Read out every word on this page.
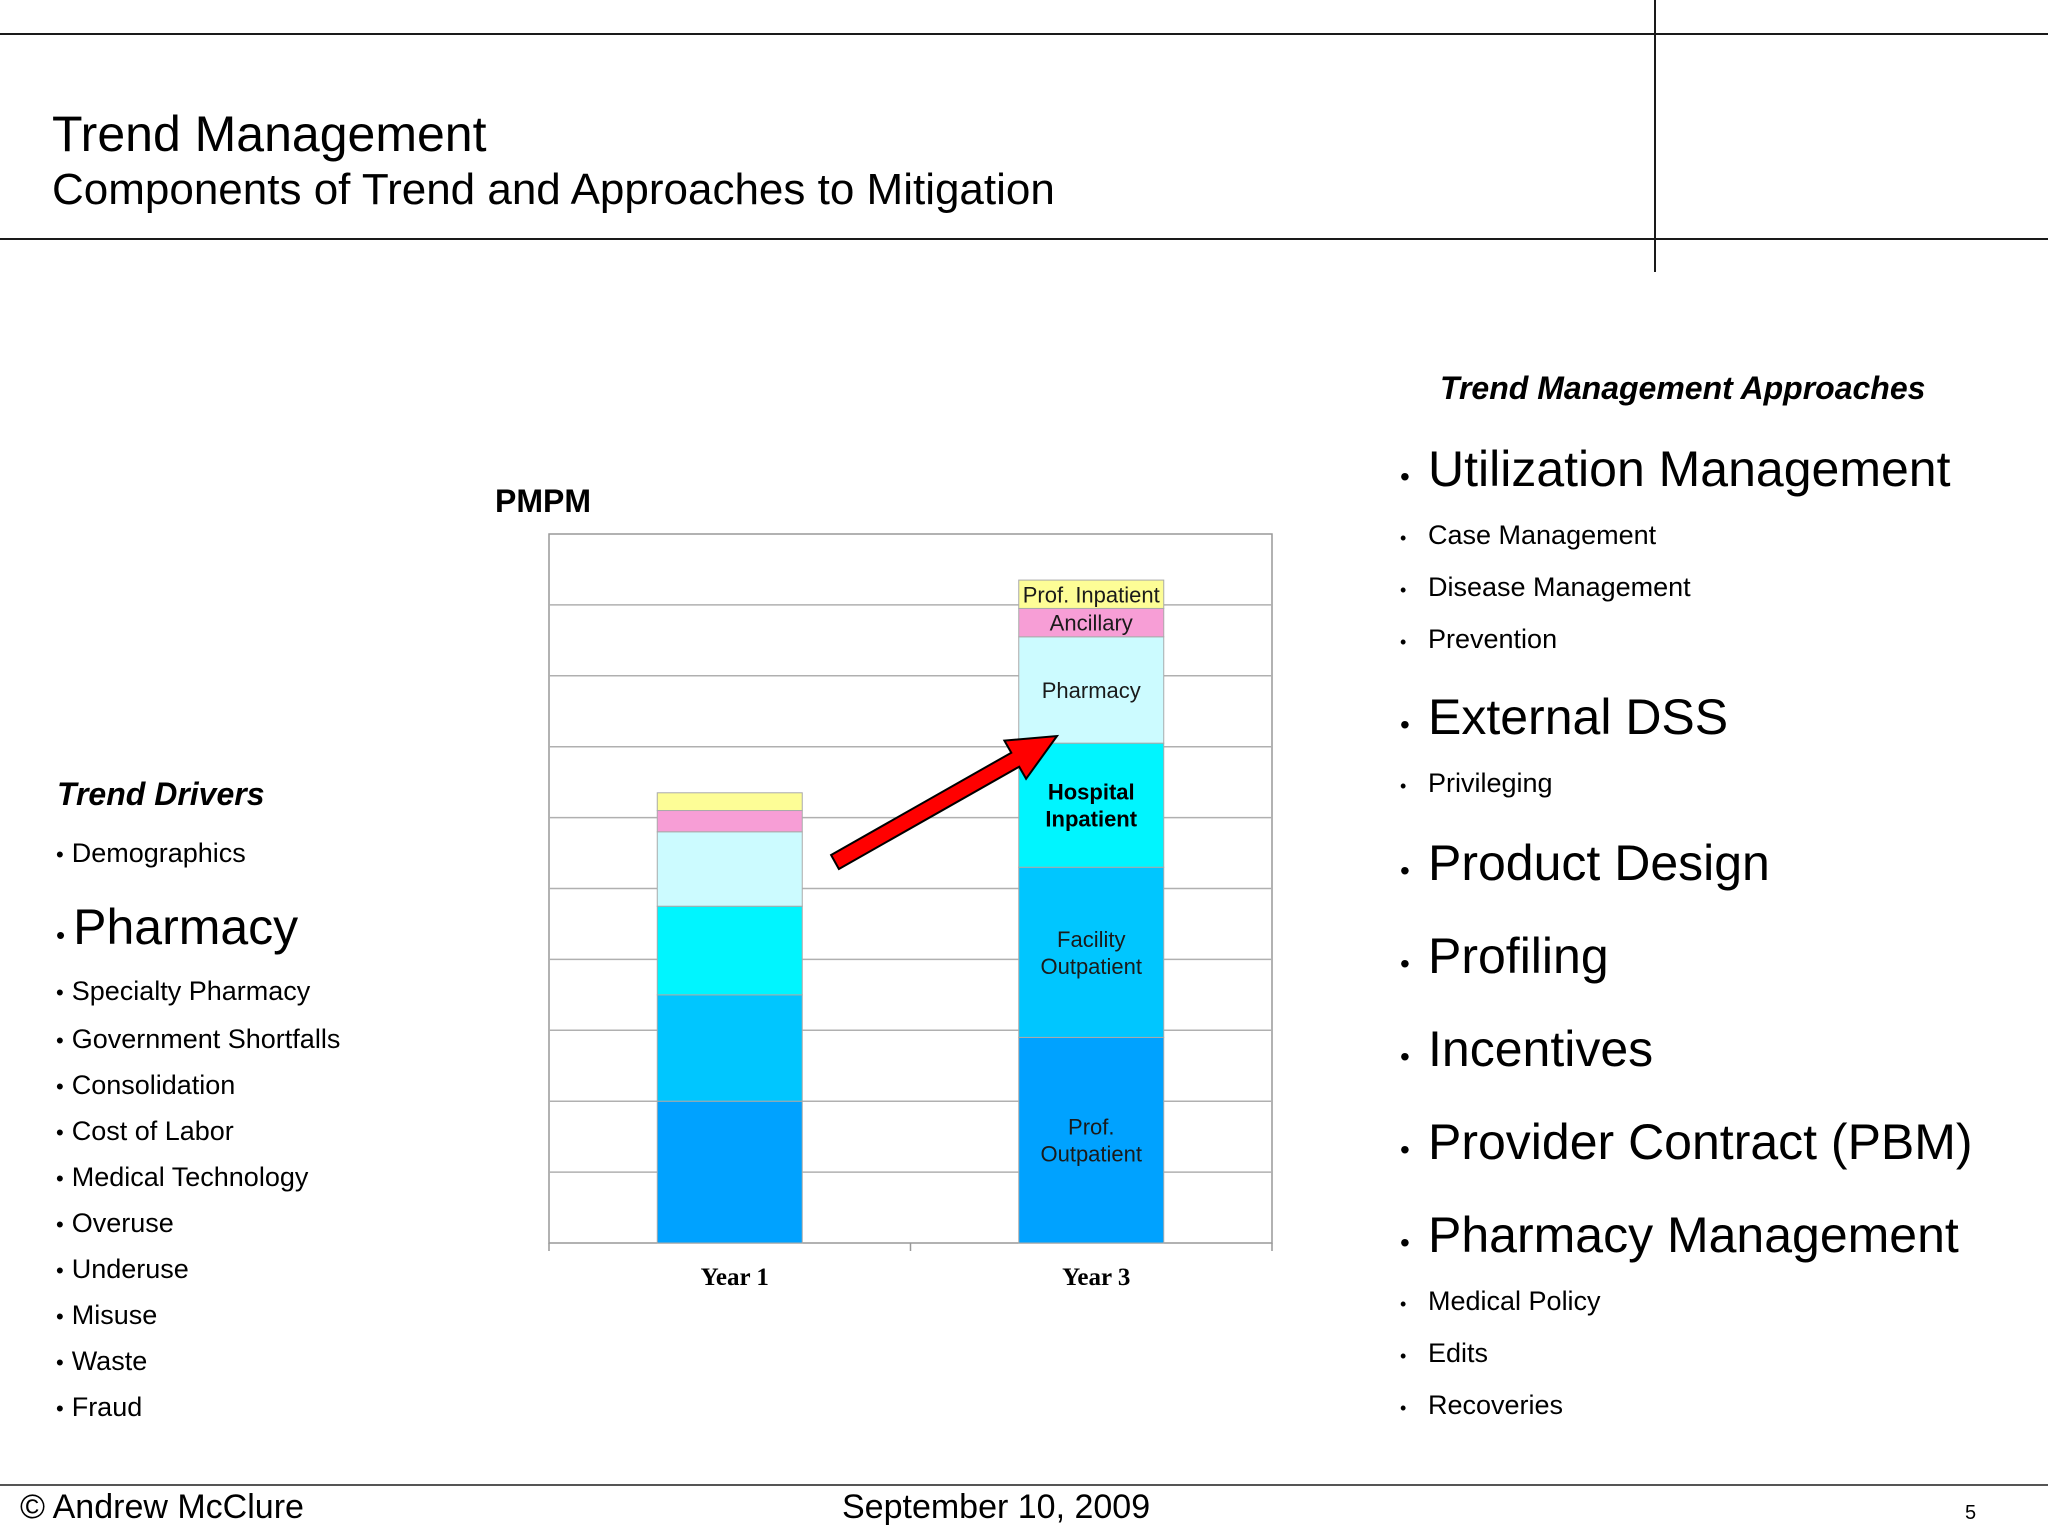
Trend Management
Components of Trend and Approaches to Mitigation
Trend Drivers
• Demographics
• Pharmacy
• Specialty Pharmacy
• Government Shortfalls
• Consolidation
• Cost of Labor
• Medical Technology
• Overuse
• Underuse
• Misuse
• Waste
• Fraud
Year 1
Prof.
Outpatient
Facility
Outpatient
Hospital
Inpatient
Pharmacy
Ancillary
Prof. Inpatient
Year 3
PMPM
Trend Management Approaches
• Utilization Management
• Case Management
• Disease Management
• Prevention
• External DSS
• Privileging
• Product Design
• Profiling
• Incentives
• Provider Contract (PBM)
• Pharmacy Management
• Medical Policy
• Edits
• Recoveries
© Andrew McClure	September 10, 2009	5
